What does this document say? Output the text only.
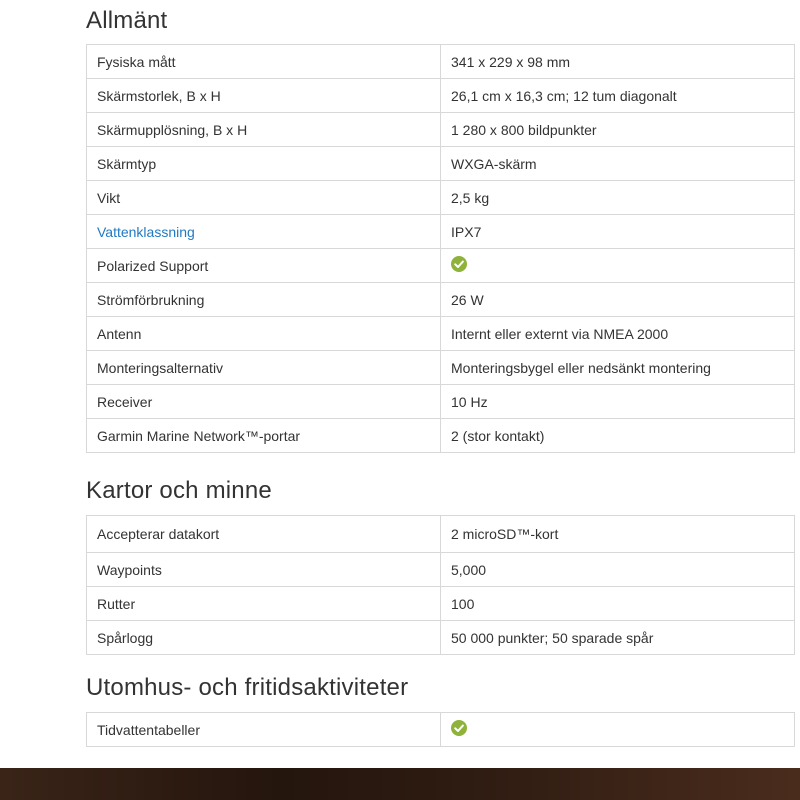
Allmänt
Fysiska mått	341 x 229 x 98 mm
Skärmstorlek, B x H	26,1 cm x 16,3 cm; 12 tum diagonalt
Skärmupplösning, B x H	1 280 x 800 bildpunkter
Skärmtyp	WXGA-skärm
Vikt	2,5 kg
Vattenklassning	IPX7
Polarized Support	

Strömförbrukning	26 W
Antenn	Internt eller externt via NMEA 2000
Monteringsalternativ	Monteringsbygel eller nedsänkt montering
Receiver	10 Hz
Garmin Marine Network™-portar	2 (stor kontakt)
Kartor och minne
Accepterar datakort	2 microSD™-kort
Waypoints	5,000
Rutter	100
Spårlogg	50 000 punkter; 50 sparade spår
Utomhus- och fritidsaktiviteter
Tidvattentabeller	
